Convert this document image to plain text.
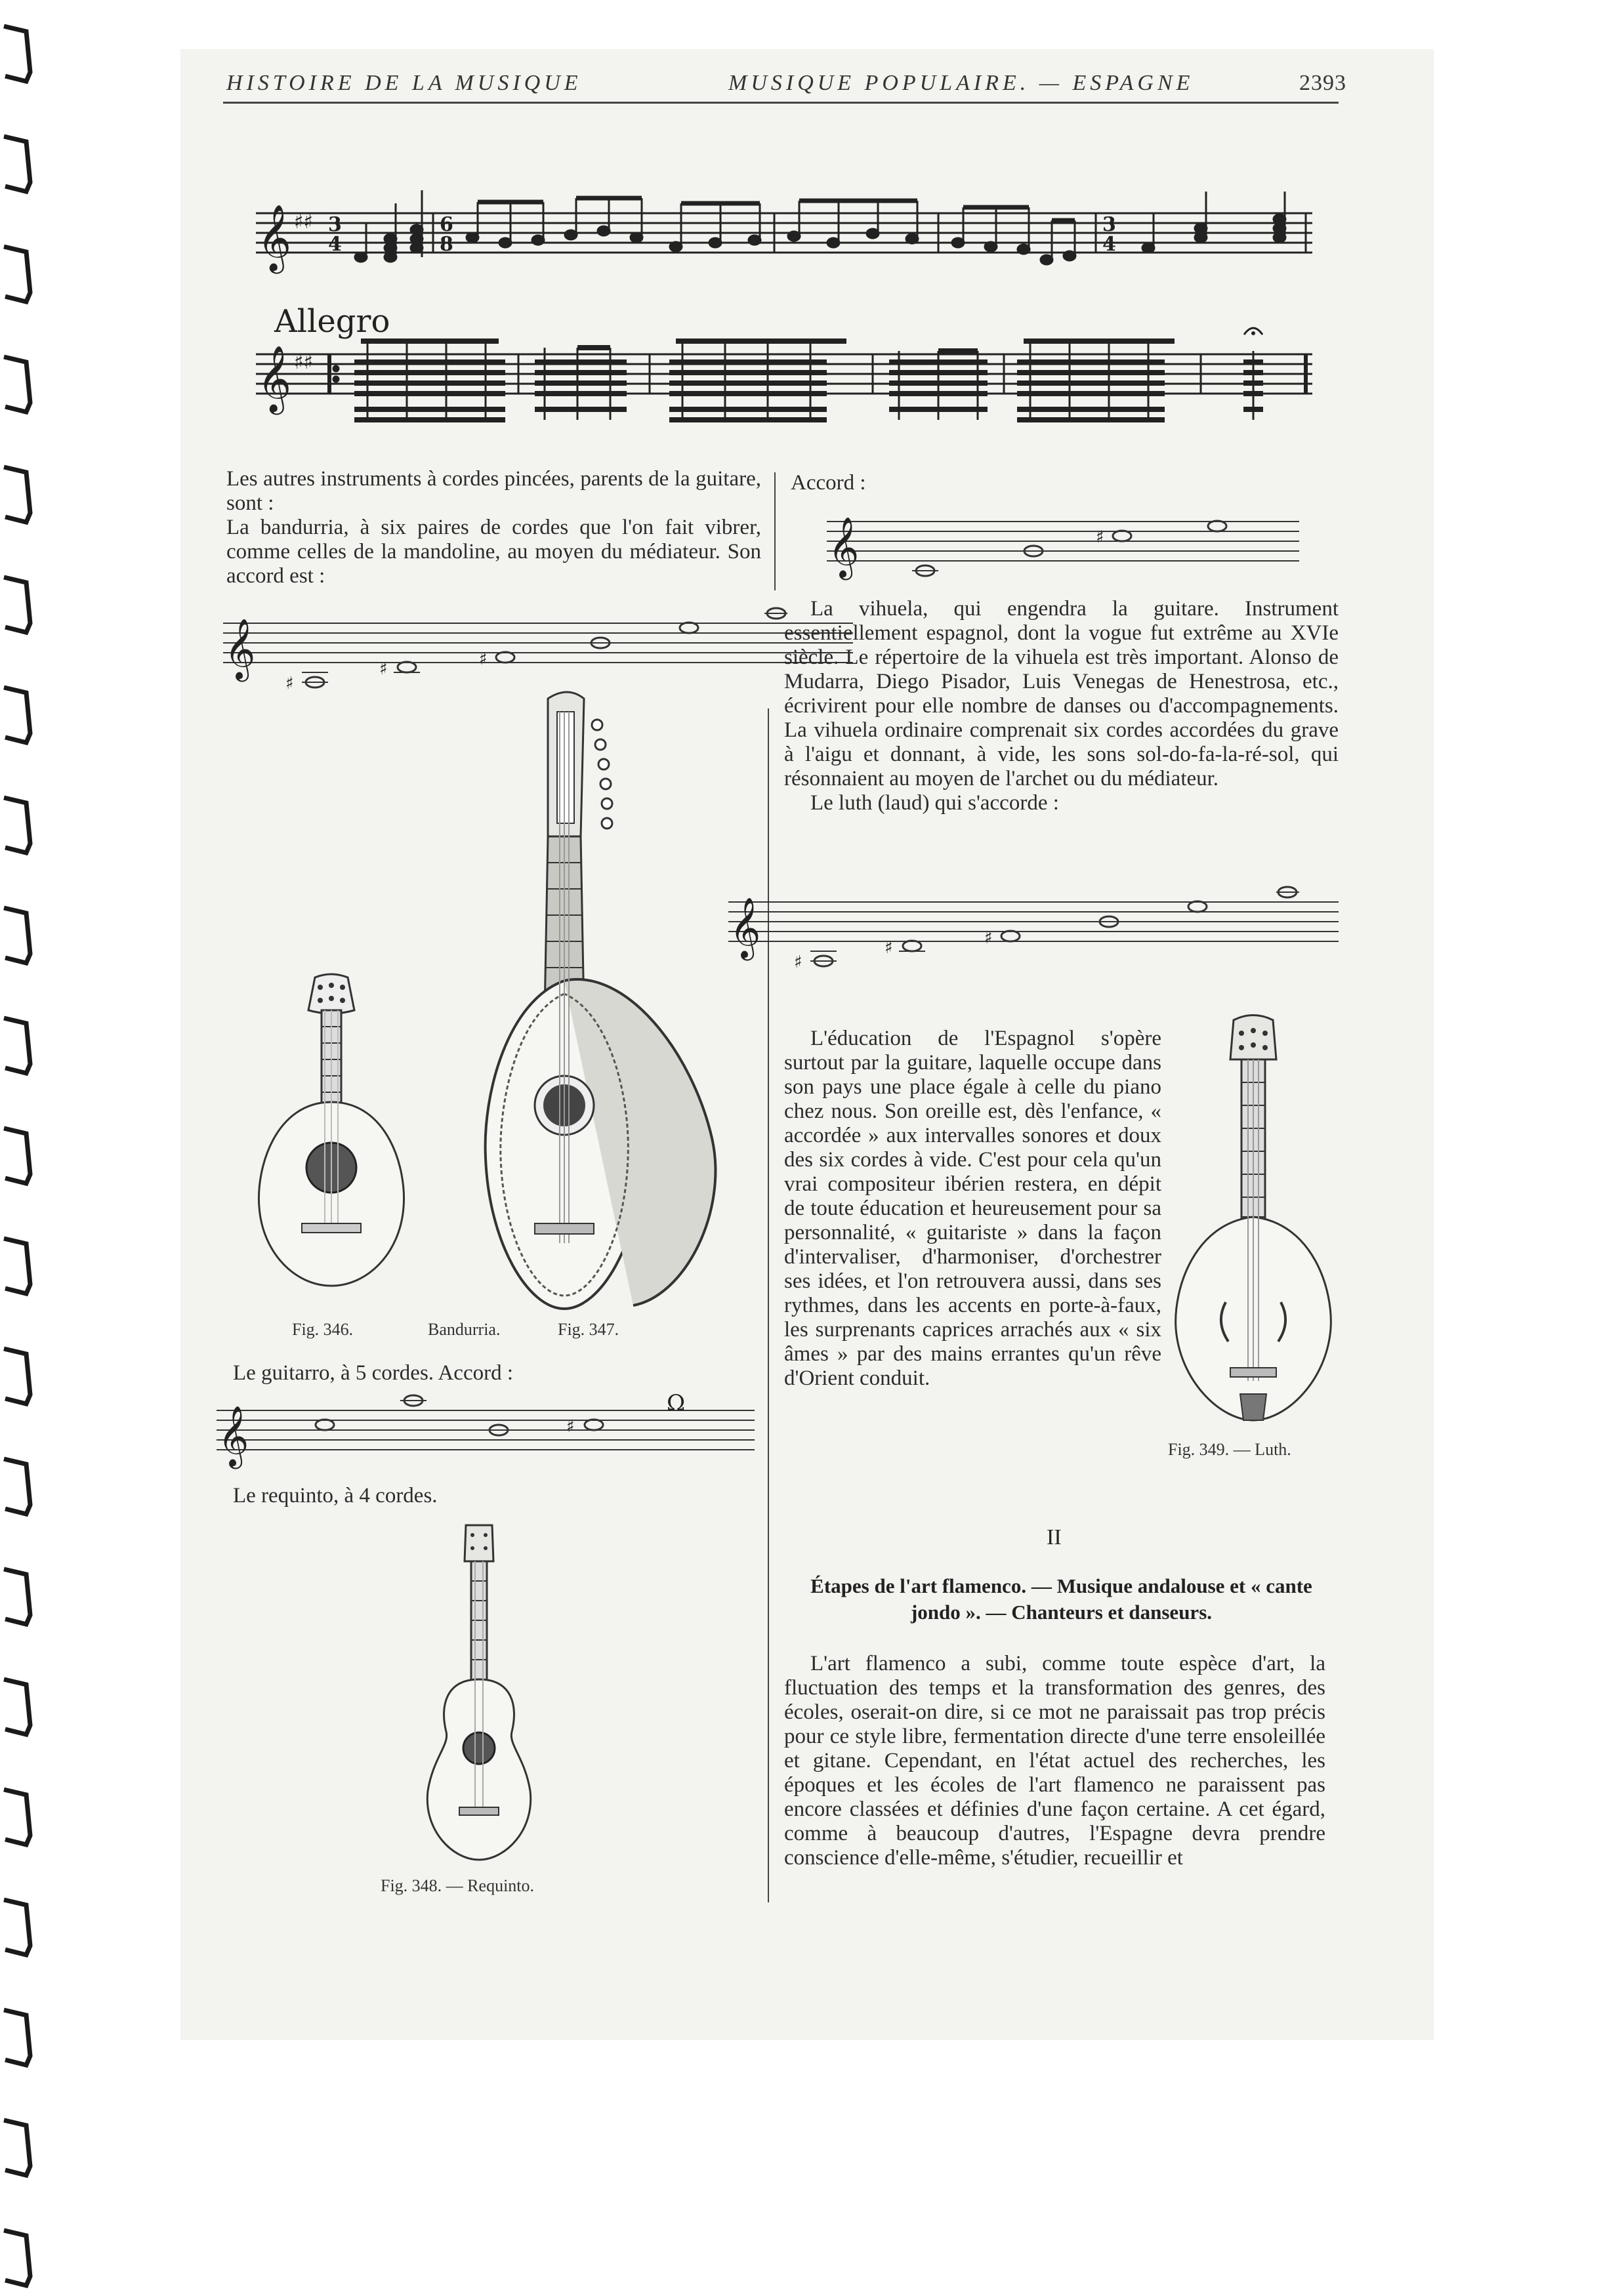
HISTOIRE DE LA MUSIQUE	MUSIQUE POPULAIRE. — ESPAGNE	2393
Allegro
𝄞 ♯♯ 3
4
6
8
3
4
𝄞 ♯♯

Les autres instruments à cordes pincées, parents de la guitare, sont :

La bandurria, à six paires de cordes que l'on fait vibrer, comme celles de la mandoline, au moyen du médiateur. Son accord est :

𝄞
♯
♯	♯
Fig. 346.	Bandurria.	Fig. 347.
Le guitarro, à 5 cordes. Accord :
𝄞	♯
Ω
Le requinto, à 4 cordes.
Fig. 348. — Requinto.
Accord :
𝄞	♯

La vihuela, qui engendra la guitare. Instrument essentiellement espagnol, dont la vogue fut extrême au XVIe siècle. Le répertoire de la vihuela est très important. Alonso de Mudarra, Diego Pisador, Luis Venegas de Henestrosa, etc., écrivirent pour elle nombre de danses ou d'accompagnements. La vihuela ordinaire comprenait six cordes accordées du grave à l'aigu et donnant, à vide, les sons sol-do-fa-la-ré-sol, qui résonnaient au moyen de l'archet ou du médiateur.

Le luth (laud) qui s'accorde :

𝄞
♯
♯	♯

L'éducation de l'Espagnol s'opère surtout par la guitare, laquelle occupe dans son pays une place égale à celle du piano chez nous. Son oreille est, dès l'enfance, « accordée » aux intervalles sonores et doux des six cordes à vide. C'est pour cela qu'un vrai compositeur ibérien restera, en dépit de toute éducation et heureusement pour sa personnalité, « guitariste » dans la façon d'intervaliser, d'harmoniser, d'orchestrer ses idées, et l'on retrouvera aussi, dans ses rythmes, dans les accents en porte-à-faux, les surprenants caprices arrachés aux « six âmes » par des mains errantes qu'un rêve d'Orient conduit.

Fig. 349. — Luth.
II
Étapes de l'art flamenco. — Musique andalouse et « cante jondo ». — Chanteurs et danseurs.

L'art flamenco a subi, comme toute espèce d'art, la fluctuation des temps et la transformation des genres, des écoles, oserait-on dire, si ce mot ne paraissait pas trop précis pour ce style libre, fermentation directe d'une terre ensoleillée et gitane. Cependant, en l'état actuel des recherches, les époques et les écoles de l'art flamenco ne paraissent pas encore classées et définies d'une façon certaine. A cet égard, comme à beaucoup d'autres, l'Espagne devra prendre conscience d'elle-même, s'étudier, recueillir et
